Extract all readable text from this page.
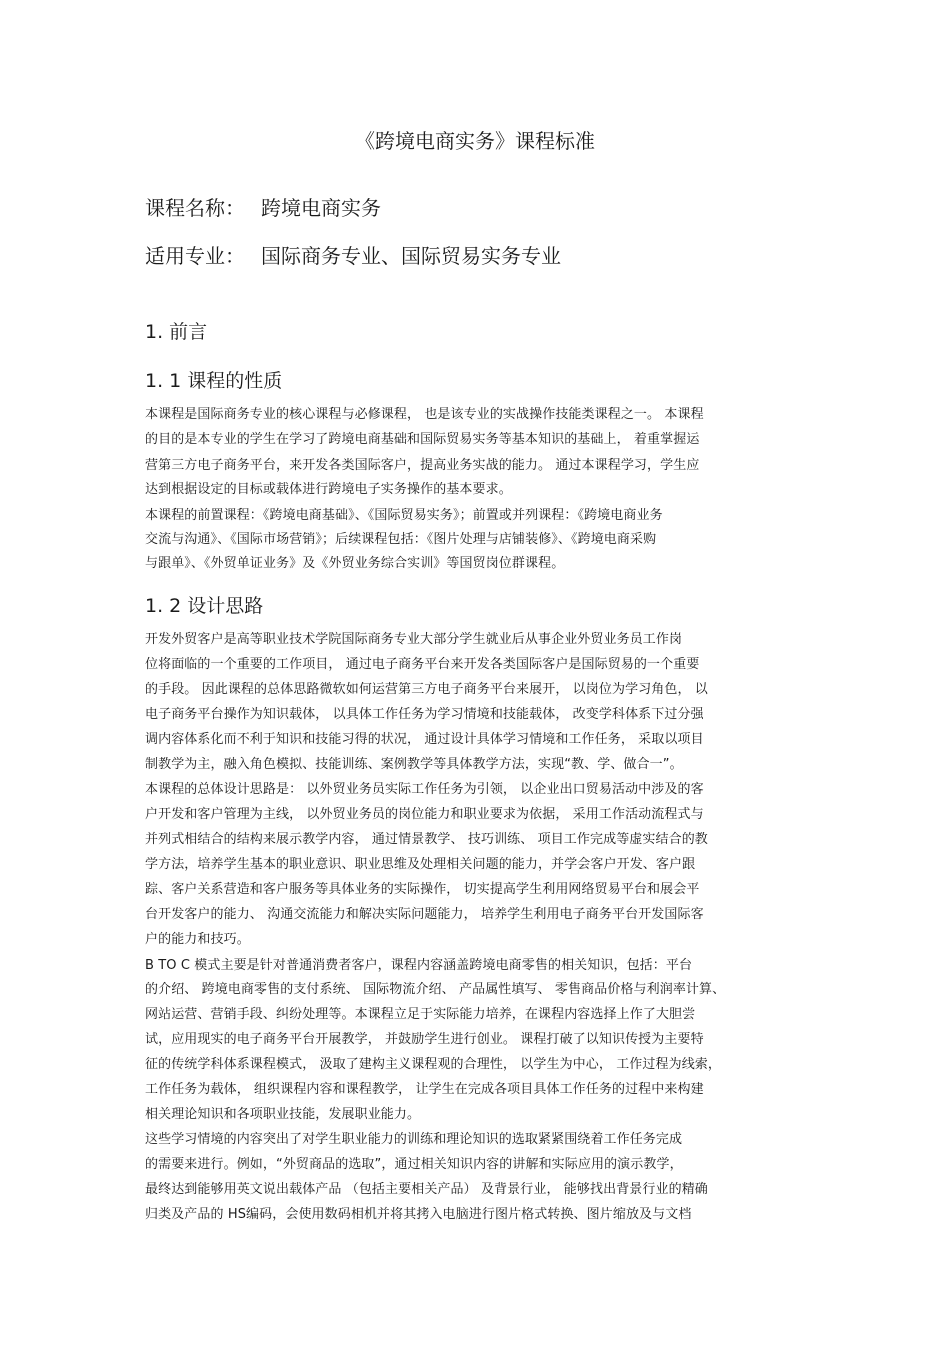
《跨境电商实务》课程标准
课程名称： 跨境电商实务
适用专业： 国际商务专业、国际贸易实务专业
1. 前言
1. 1 课程的性质
本课程是国际商务专业的核心课程与必修课程， 也是该专业的实战操作技能类课程之一。 本课程
的目的是本专业的学生在学习了跨境电商基础和国际贸易实务等基本知识的基础上， 着重掌握运
营第三方电子商务平台，来开发各类国际客户，提高业务实战的能力。 通过本课程学习，学生应
达到根据设定的目标或载体进行跨境电子实务操作的基本要求。
本课程的前置课程：《跨境电商基础》、《国际贸易实务》；前置或并列课程：《跨境电商业务
交流与沟通》、《国际市场营销》；后续课程包括：《图片处理与店铺装修》、《跨境电商采购
与跟单》、《外贸单证业务》及《外贸业务综合实训》等国贸岗位群课程。
1. 2 设计思路
开发外贸客户是高等职业技术学院国际商务专业大部分学生就业后从事企业外贸业务员工作岗
位将面临的一个重要的工作项目， 通过电子商务平台来开发各类国际客户是国际贸易的一个重要
的手段。 因此课程的总体思路微软如何运营第三方电子商务平台来展开， 以岗位为学习角色， 以
电子商务平台操作为知识载体， 以具体工作任务为学习情境和技能载体， 改变学科体系下过分强
调内容体系化而不利于知识和技能习得的状况， 通过设计具体学习情境和工作任务， 采取以项目
制教学为主，融入角色模拟、技能训练、案例教学等具体教学方法，实现“教、学、做合一”。
本课程的总体设计思路是： 以外贸业务员实际工作任务为引领， 以企业出口贸易活动中涉及的客
户开发和客户管理为主线， 以外贸业务员的岗位能力和职业要求为依据， 采用工作活动流程式与
并列式相结合的结构来展示教学内容， 通过情景教学、 技巧训练、 项目工作完成等虚实结合的教
学方法，培养学生基本的职业意识、职业思维及处理相关问题的能力，并学会客户开发、客户跟
踪、客户关系营造和客户服务等具体业务的实际操作， 切实提高学生利用网络贸易平台和展会平
台开发客户的能力、 沟通交流能力和解决实际问题能力， 培养学生利用电子商务平台开发国际客
户的能力和技巧。
B TO C 模式主要是针对普通消费者客户，课程内容涵盖跨境电商零售的相关知识，包括：平台
的介绍、 跨境电商零售的支付系统、 国际物流介绍、 产品属性填写、 零售商品价格与利润率计算、
网站运营、营销手段、纠纷处理等。本课程立足于实际能力培养，在课程内容选择上作了大胆尝
试，应用现实的电子商务平台开展教学， 并鼓励学生进行创业。 课程打破了以知识传授为主要特
征的传统学科体系课程模式， 汲取了建构主义课程观的合理性， 以学生为中心， 工作过程为线索，
工作任务为载体， 组织课程内容和课程教学， 让学生在完成各项目具体工作任务的过程中来构建
相关理论知识和各项职业技能，发展职业能力。
这些学习情境的内容突出了对学生职业能力的训练和理论知识的选取紧紧围绕着工作任务完成
的需要来进行。例如，“外贸商品的选取”，通过相关知识内容的讲解和实际应用的演示教学，
最终达到能够用英文说出载体产品 （包括主要相关产品） 及背景行业， 能够找出背景行业的精确
归类及产品的 HS编码，会使用数码相机并将其拷入电脑进行图片格式转换、图片缩放及与文档
